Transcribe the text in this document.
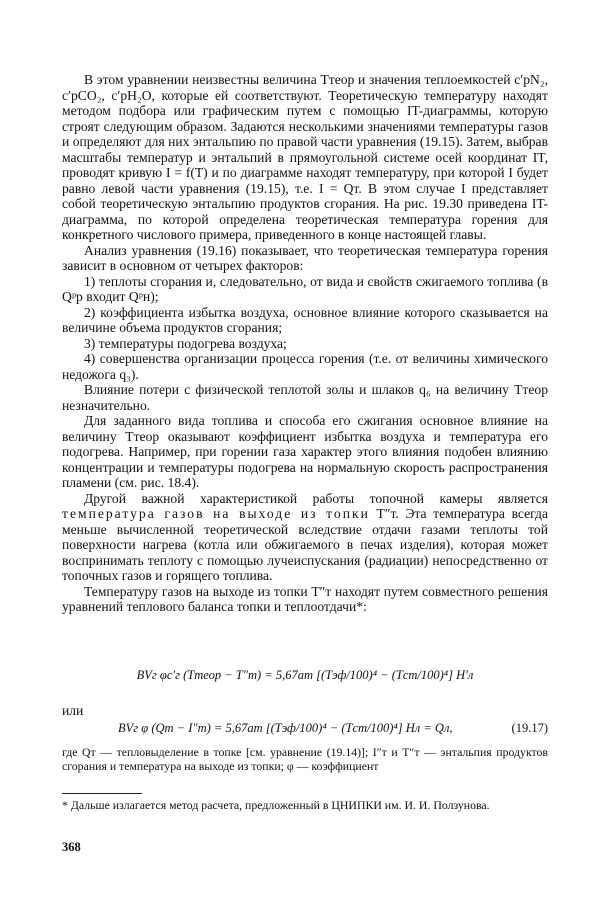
В этом уравнении неизвестны величина Tтеор и значения теплоемкостей c′pN₂, c′pCO₂, c′pH₂O, которые ей соответствуют. Теоретическую температуру находят методом подбора или графическим путем с помощью IT-диаграммы, которую строят следующим образом. Задаются несколькими значениями температуры газов и определяют для них энтальпию по правой части уравнения (19.15). Затем, выбрав масштабы температур и энтальпий в прямоугольной системе осей координат IT, проводят кривую I = f(T) и по диаграмме находят температуру, при которой I будет равно левой части уравнения (19.15), т.е. I = Qт. В этом случае I представляет собой теоретическую энтальпию продуктов сгорания. На рис. 19.30 приведена IT-диаграмма, по которой определена теоретическая температура горения для конкретного числового примера, приведенного в конце настоящей главы.

Анализ уравнения (19.16) показывает, что теоретическая температура горения зависит в основном от четырех факторов:

1) теплоты сгорания и, следовательно, от вида и свойств сжигаемого топлива (в Qᵖр входит Qᵖн);

2) коэффициента избытка воздуха, основное влияние которого сказывается на величине объема продуктов сгорания;

3) температуры подогрева воздуха;

4) совершенства организации процесса горения (т.е. от величины химического недожога q₃).

Влияние потери с физической теплотой золы и шлаков q₆ на величину Tтеор незначительно.

Для заданного вида топлива и способа его сжигания основное влияние на величину Tтеор оказывают коэффициент избытка воздуха и температура его подогрева. Например, при горении газа характер этого влияния подобен влиянию концентрации и температуры подогрева на нормальную скорость распространения пламени (см. рис. 18.4).

Другой важной характеристикой работы топочной камеры является температура газов на выходе из топки T″т. Эта температура всегда меньше вычисленной теоретической вследствие отдачи газами теплоты той поверхности нагрева (котла или обжигаемого в печах изделия), которая может воспринимать теплоту с помощью лучеиспускания (радиации) непосредственно от топочных газов и горящего топлива.

Температуру газов на выходе из топки T″т находят путем совместного решения уравнений теплового баланса топки и теплоотдачи*:

BVг φc′г (Tтеор − T″т) = 5,67aт [(Tэф/100)⁴ − (Tст/100)⁴] H′л
или
BVг φ (Qт − I″т) = 5,67aт [(Tэф/100)⁴ − (Tст/100)⁴] Hл = Qл,	(19.17)
где Qт — тепловыделение в топке [см. уравнение (19.14)]; I″т и T″т — энтальпия продуктов сгорания и температура на выходе из топки; φ — коэффициент
* Дальше излагается метод расчета, предложенный в ЦНИПКИ им. И. И. Ползунова.
368
